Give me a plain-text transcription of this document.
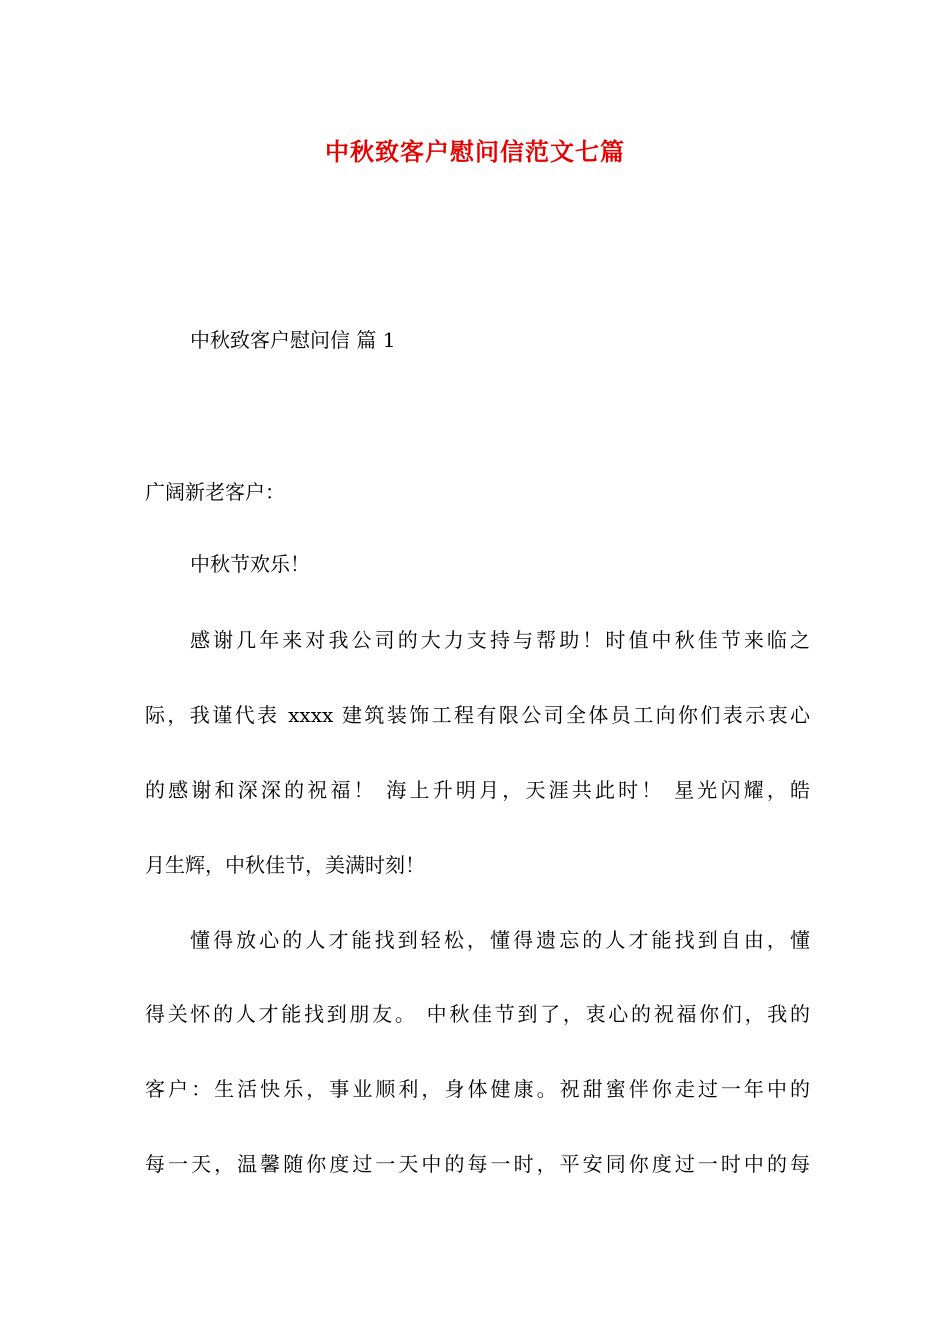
中秋致客户慰问信范文七篇
中秋致客户慰问信 篇 1
广阔新老客户：
中秋节欢乐！
感谢几年来对我公司的大力支持与帮助！时值中秋佳节来临之
际，我谨代表 xxxx 建筑装饰工程有限公司全体员工向你们表示衷心
的感谢和深深的祝福！ 海上升明月，天涯共此时！ 星光闪耀，皓
月生辉，中秋佳节，美满时刻！
懂得放心的人才能找到轻松，懂得遗忘的人才能找到自由，懂
得关怀的人才能找到朋友。 中秋佳节到了，衷心的祝福你们，我的
客户：生活快乐，事业顺利，身体健康。祝甜蜜伴你走过一年中的
每一天，温馨随你度过一天中的每一时，平安同你度过一时中的每
